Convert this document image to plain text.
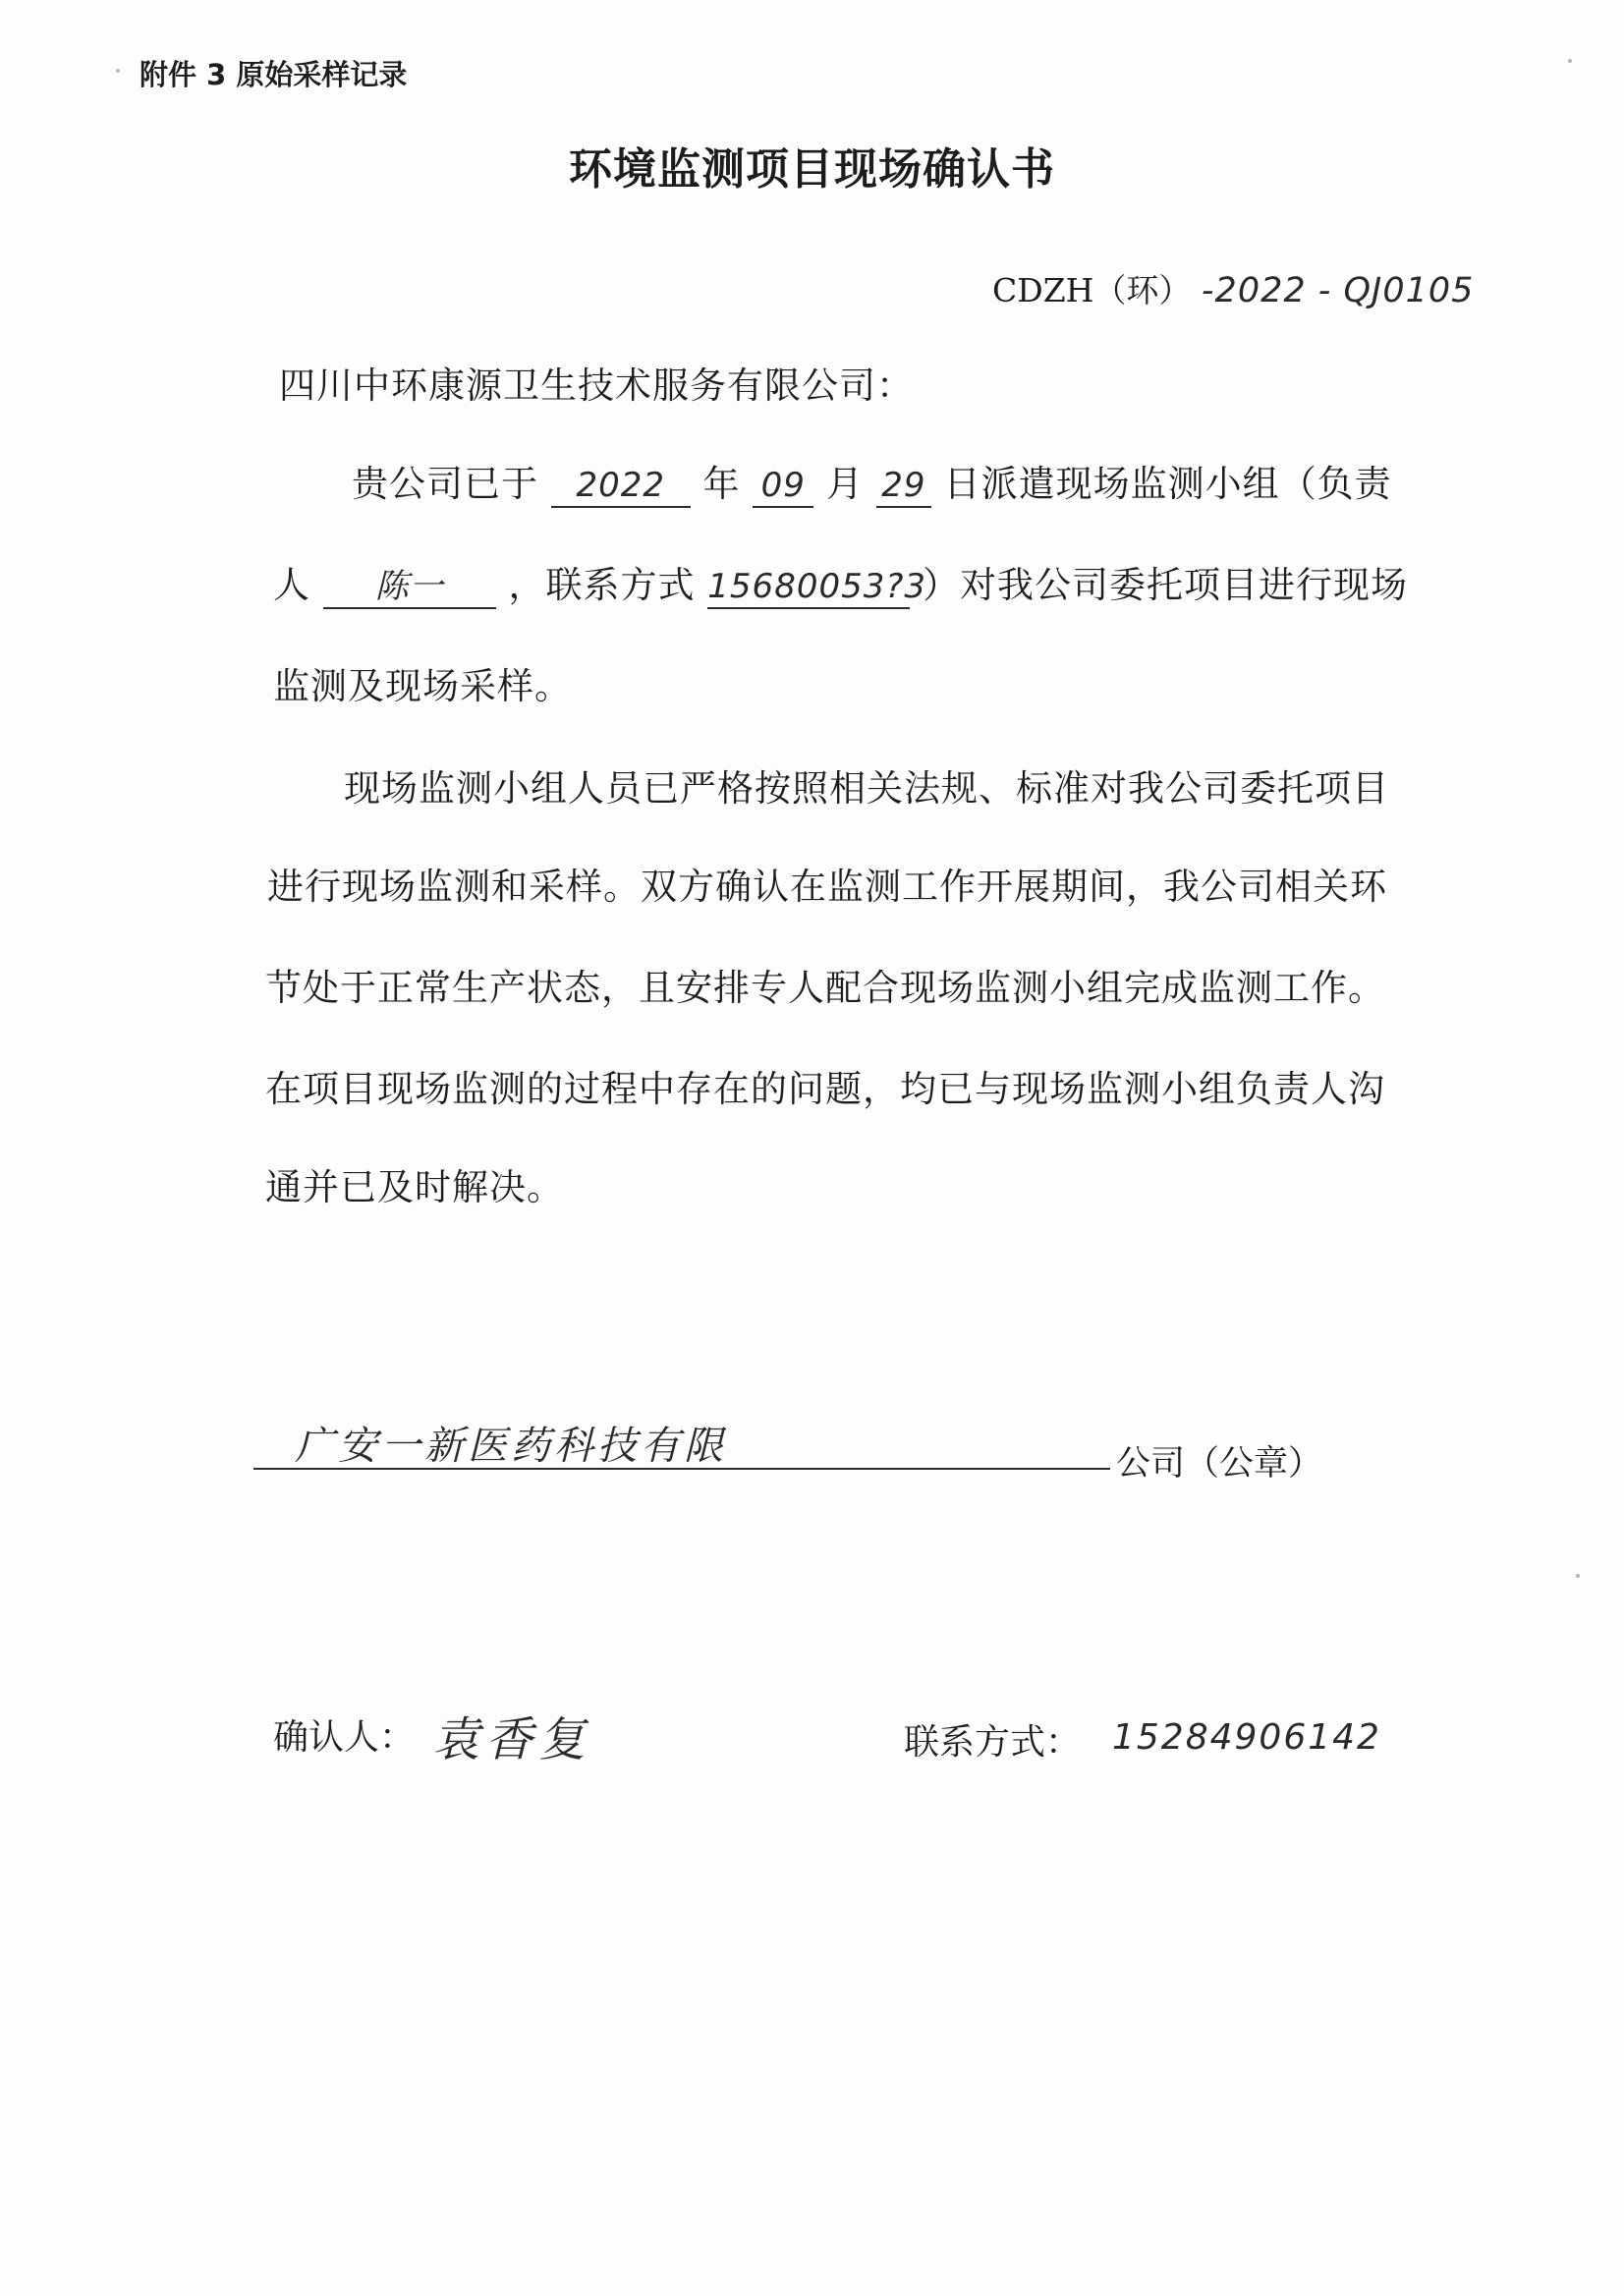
附件 3 原始采样记录
环境监测项目现场确认书
CDZH（环） -2022 - QJ0105
四川中环康源卫生技术服务有限公司：
贵公司已于 2022 年 09 月 29 日派遣现场监测小组（负责
人 陈一 ，联系方式 15680053?3 ）对我公司委托项目进行现场
监测及现场采样。
现场监测小组人员已严格按照相关法规、标准对我公司委托项目
进行现场监测和采样。双方确认在监测工作开展期间，我公司相关环
节处于正常生产状态，且安排专人配合现场监测小组完成监测工作。
在项目现场监测的过程中存在的问题，均已与现场监测小组负责人沟
通并已及时解决。
广安一新医药科技有限	公司（公章）
确认人： 袁香复	联系方式： 15284906142
